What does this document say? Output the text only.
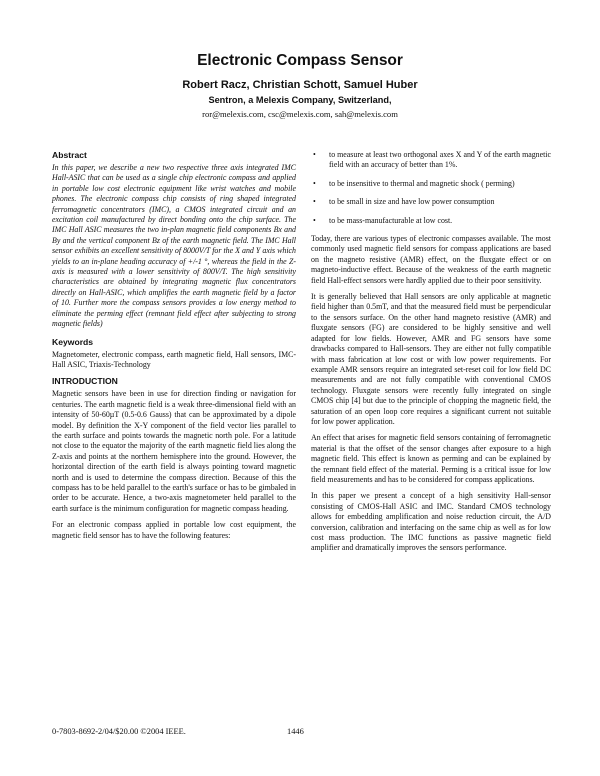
Electronic Compass Sensor
Robert Racz, Christian Schott, Samuel Huber
Sentron, a Melexis Company, Switzerland,
ror@melexis.com, csc@melexis.com, sah@melexis.com
Abstract

In this paper, we describe a new two respective three axis integrated IMC Hall-ASIC that can be used as a single chip electronic compass and applied in portable low cost electronic equipment like wrist watches and mobile phones. The electronic compass chip consists of ring shaped integrated ferromagnetic concentrators (IMC), a CMOS integrated circuit and an excitation coil manufactured by direct bonding onto the chip surface. The IMC Hall ASIC measures the two in-plan magnetic field components Bx and By and the vertical component Bz of the earth magnetic field. The IMC Hall sensor exhibits an excellent sensitivity of 8000V/T for the X and Y axis which yields to an in-plane heading accuracy of +/-1 °, whereas the field in the Z-axis is measured with a lower sensitivity of 800V/T. The high sensitivity characteristics are obtained by integrating magnetic flux concentrators directly on Hall-ASIC, which amplifies the earth magnetic field by a factor of 10. Further more the compass sensors provides a low energy method to eliminate the perming effect (remnant field effect after subjecting to strong magnetic fields)

Keywords

Magnetometer, electronic compass, earth magnetic field, Hall sensors, IMC-Hall ASIC, Triaxis-Technology

INTRODUCTION

Magnetic sensors have been in use for direction finding or navigation for centuries. The earth magnetic field is a weak three-dimensional field with an intensity of 50-60µT (0.5-0.6 Gauss) that can be approximated by a dipole model. By definition the X-Y component of the field vector lies parallel to the earth surface and points towards the magnetic north pole. For a latitude not close to the equator the majority of the earth magnetic field lies along the Z-axis and points at the northern hemisphere into the ground. However, the horizontal direction of the earth field is always pointing toward magnetic north and is used to determine the compass direction. Because of this the compass has to be held parallel to the earth's surface or has to be gimbaled in order to be accurate. Hence, a two-axis magnetometer held parallel to the earth surface is the minimum configuration for magnetic compass heading.

For an electronic compass applied in portable low cost equipment, the magnetic field sensor has to have the following features:

• to measure at least two orthogonal axes X and Y of the earth magnetic field with an accuracy of better than 1%.
• to be insensitive to thermal and magnetic shock ( perming)
• to be small in size and have low power consumption
• to be mass-manufacturable at low cost.

Today, there are various types of electronic compasses available. The most commonly used magnetic field sensors for compass applications are based on the magneto resistive (AMR) effect, on the fluxgate effect or on magneto-inductive effect. Because of the weakness of the earth magnetic field Hall-effect sensors were hardly applied due to their poor sensitivity.

It is generally believed that Hall sensors are only applicable at magnetic field higher than 0.5mT, and that the measured field must be perpendicular to the sensors surface. On the other hand magneto resistive (AMR) and fluxgate sensors (FG) are considered to be highly sensitive and well adapted for low fields. However, AMR and FG sensors have some drawbacks compared to Hall-sensors. They are either not fully compatible with mass fabrication at low cost or with low power requirements. For example AMR sensors require an integrated set-reset coil for low field DC measurements and are not fully compatible with conventional CMOS technology. Fluxgate sensors were recently fully integrated on single CMOS chip [4] but due to the principle of chopping the magnetic field, the saturation of an open loop core requires a significant current not suitable for low power application.

An effect that arises for magnetic field sensors containing of ferromagnetic material is that the offset of the sensor changes after exposure to a high magnetic field. This effect is known as perming and can be explained by the remnant field effect of the material. Perming is a critical issue for low field measurements and has to be considered for compass applications.

In this paper we present a concept of a high sensitivity Hall-sensor consisting of CMOS-Hall ASIC and IMC. Standard CMOS technology allows for embedding amplification and noise reduction circuit, the A/D conversion, calibration and interfacing on the same chip as well as for low cost mass production. The IMC functions as passive magnetic field amplifier and dramatically improves the sensors performance.

0-7803-8692-2/04/$20.00 ©2004 IEEE.	1446
